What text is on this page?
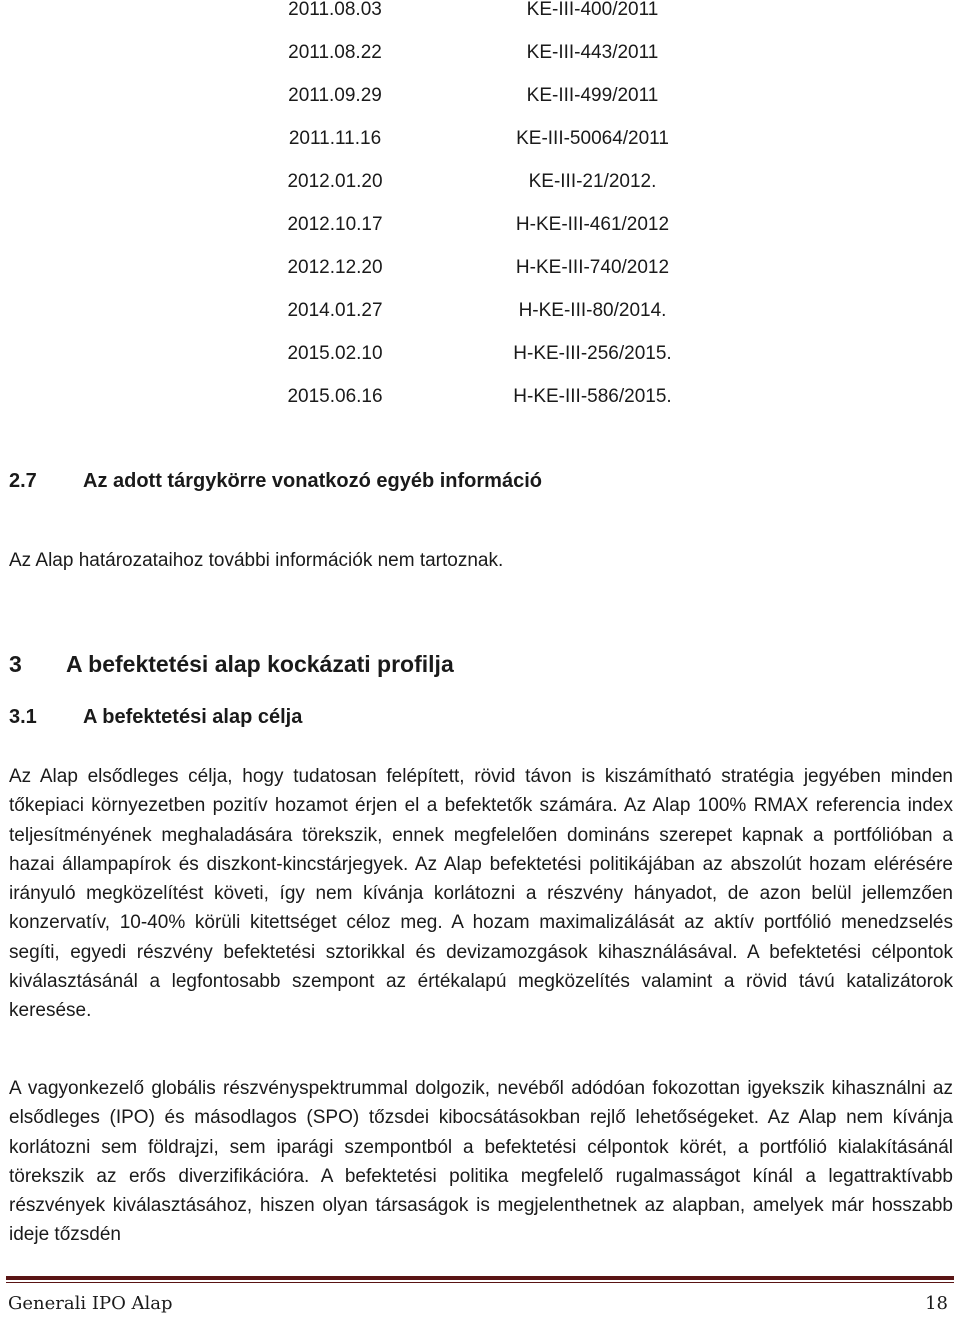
2011.08.03	KE-III-400/2011
2011.08.22	KE-III-443/2011
2011.09.29	KE-III-499/2011
2011.11.16	KE-III-50064/2011
2012.01.20	KE-III-21/2012.
2012.10.17	H-KE-III-461/2012
2012.12.20	H-KE-III-740/2012
2014.01.27	H-KE-III-80/2014.
2015.02.10	H-KE-III-256/2015.
2015.06.16	H-KE-III-586/2015.
2.7 Az adott tárgykörre vonatkozó egyéb információ
Az Alap határozataihoz további információk nem tartoznak.
3 A befektetési alap kockázati profilja
3.1 A befektetési alap célja

Az Alap elsődleges célja, hogy tudatosan felépített, rövid távon is kiszámítható stratégia jegyében minden tőkepiaci környezetben pozitív hozamot érjen el a befektetők számára. Az Alap 100% RMAX referencia index teljesítményének meghaladására törekszik, ennek megfelelően domináns szerepet kapnak a portfólióban a hazai állampapírok és diszkont-kincstárjegyek. Az Alap befektetési politikájában az abszolút hozam elérésére irányuló megközelítést követi, így nem kívánja korlátozni a részvény hányadot, de azon belül jellemzően konzervatív, 10-40% körüli kitettséget céloz meg. A hozam maximalizálását az aktív portfólió menedzselés segíti, egyedi részvény befektetési sztorikkal és devizamozgások kihasználásával. A befektetési célpontok kiválasztásánál a legfontosabb szempont az értékalapú megközelítés valamint a rövid távú katalizátorok keresése.

A vagyonkezelő globális részvényspektrummal dolgozik, nevéből adódóan fokozottan igyekszik kihasználni az elsődleges (IPO) és másodlagos (SPO) tőzsdei kibocsátásokban rejlő lehetőségeket. Az Alap nem kívánja korlátozni sem földrajzi, sem iparági szempontból a befektetési célpontok körét, a portfólió kialakításánál törekszik az erős diverzifikációra. A befektetési politika megfelelő rugalmasságot kínál a legattraktívabb részvények kiválasztásához, hiszen olyan társaságok is megjelenthetnek az alapban, amelyek már hosszabb ideje tőzsdén

Generali IPO Alap	18
